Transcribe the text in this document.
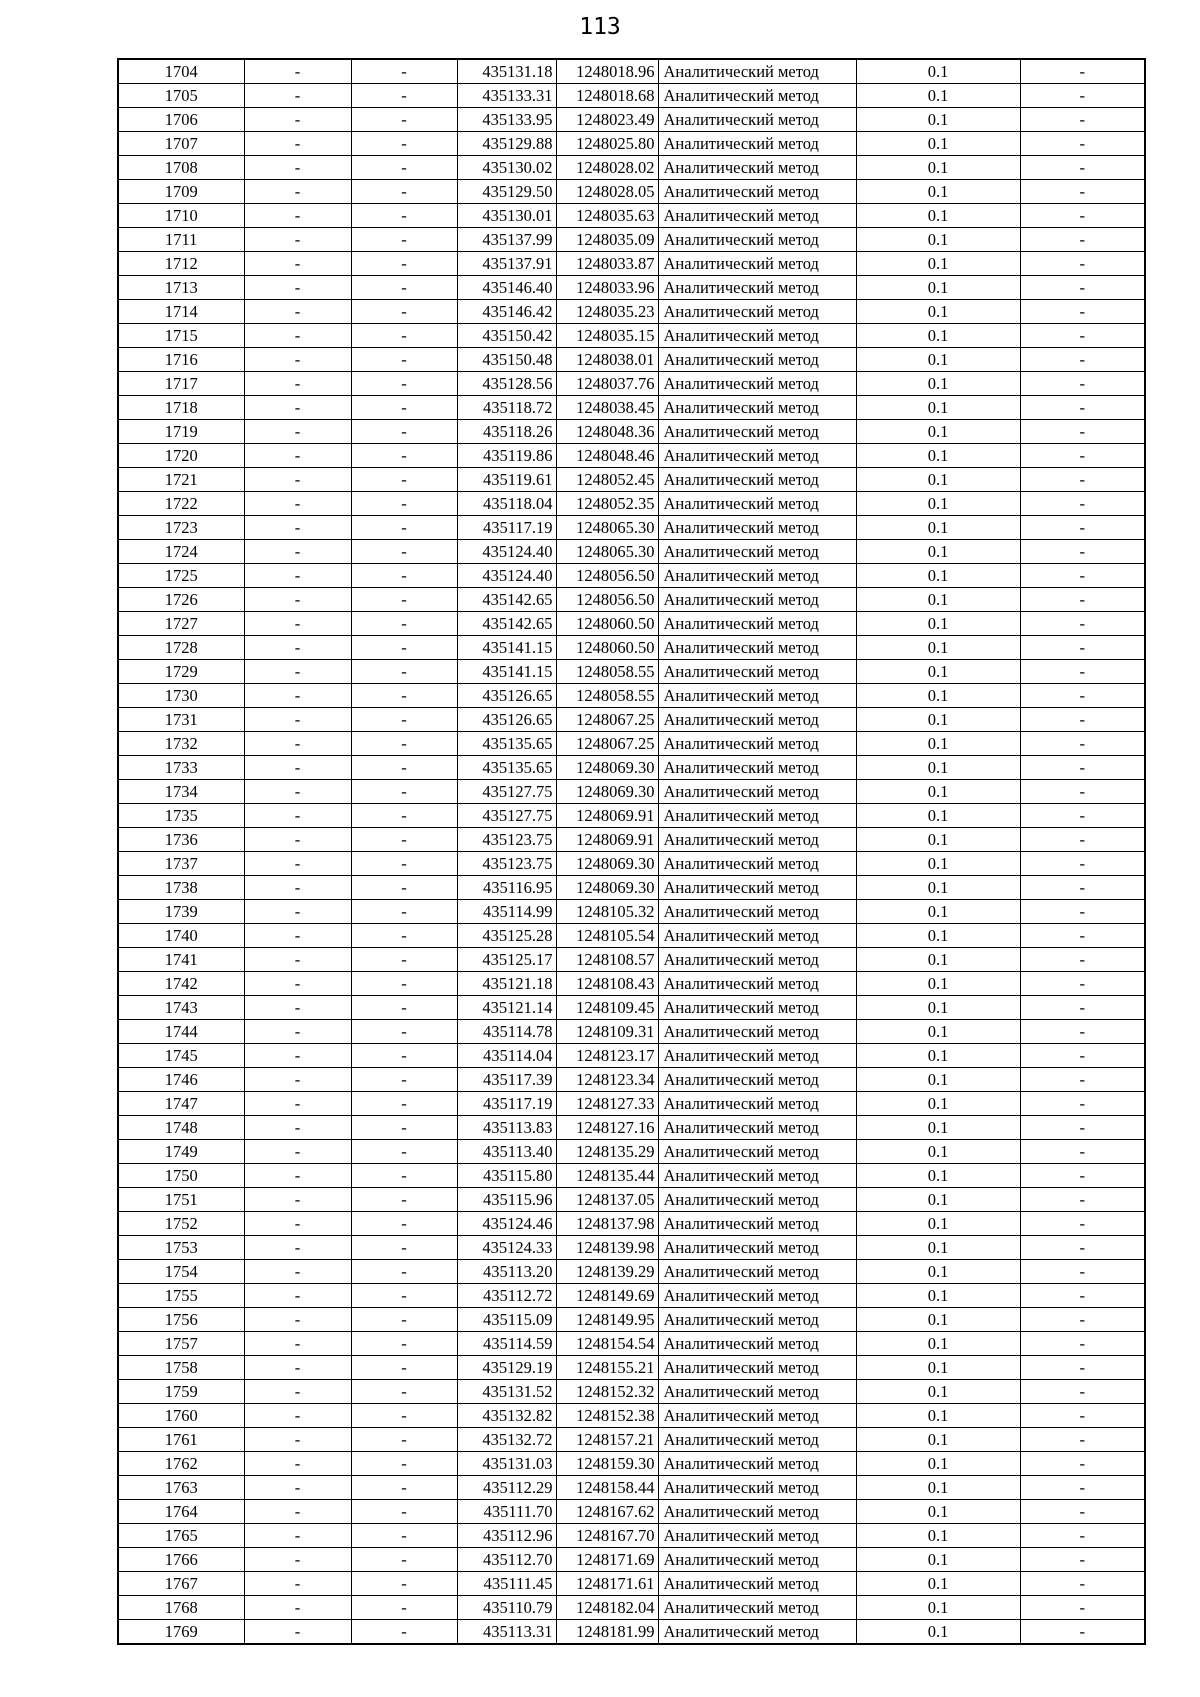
113
1704	-	-	435131.18	1248018.96	Аналитический метод	0.1	-
1705	-	-	435133.31	1248018.68	Аналитический метод	0.1	-
1706	-	-	435133.95	1248023.49	Аналитический метод	0.1	-
1707	-	-	435129.88	1248025.80	Аналитический метод	0.1	-
1708	-	-	435130.02	1248028.02	Аналитический метод	0.1	-
1709	-	-	435129.50	1248028.05	Аналитический метод	0.1	-
1710	-	-	435130.01	1248035.63	Аналитический метод	0.1	-
1711	-	-	435137.99	1248035.09	Аналитический метод	0.1	-
1712	-	-	435137.91	1248033.87	Аналитический метод	0.1	-
1713	-	-	435146.40	1248033.96	Аналитический метод	0.1	-
1714	-	-	435146.42	1248035.23	Аналитический метод	0.1	-
1715	-	-	435150.42	1248035.15	Аналитический метод	0.1	-
1716	-	-	435150.48	1248038.01	Аналитический метод	0.1	-
1717	-	-	435128.56	1248037.76	Аналитический метод	0.1	-
1718	-	-	435118.72	1248038.45	Аналитический метод	0.1	-
1719	-	-	435118.26	1248048.36	Аналитический метод	0.1	-
1720	-	-	435119.86	1248048.46	Аналитический метод	0.1	-
1721	-	-	435119.61	1248052.45	Аналитический метод	0.1	-
1722	-	-	435118.04	1248052.35	Аналитический метод	0.1	-
1723	-	-	435117.19	1248065.30	Аналитический метод	0.1	-
1724	-	-	435124.40	1248065.30	Аналитический метод	0.1	-
1725	-	-	435124.40	1248056.50	Аналитический метод	0.1	-
1726	-	-	435142.65	1248056.50	Аналитический метод	0.1	-
1727	-	-	435142.65	1248060.50	Аналитический метод	0.1	-
1728	-	-	435141.15	1248060.50	Аналитический метод	0.1	-
1729	-	-	435141.15	1248058.55	Аналитический метод	0.1	-
1730	-	-	435126.65	1248058.55	Аналитический метод	0.1	-
1731	-	-	435126.65	1248067.25	Аналитический метод	0.1	-
1732	-	-	435135.65	1248067.25	Аналитический метод	0.1	-
1733	-	-	435135.65	1248069.30	Аналитический метод	0.1	-
1734	-	-	435127.75	1248069.30	Аналитический метод	0.1	-
1735	-	-	435127.75	1248069.91	Аналитический метод	0.1	-
1736	-	-	435123.75	1248069.91	Аналитический метод	0.1	-
1737	-	-	435123.75	1248069.30	Аналитический метод	0.1	-
1738	-	-	435116.95	1248069.30	Аналитический метод	0.1	-
1739	-	-	435114.99	1248105.32	Аналитический метод	0.1	-
1740	-	-	435125.28	1248105.54	Аналитический метод	0.1	-
1741	-	-	435125.17	1248108.57	Аналитический метод	0.1	-
1742	-	-	435121.18	1248108.43	Аналитический метод	0.1	-
1743	-	-	435121.14	1248109.45	Аналитический метод	0.1	-
1744	-	-	435114.78	1248109.31	Аналитический метод	0.1	-
1745	-	-	435114.04	1248123.17	Аналитический метод	0.1	-
1746	-	-	435117.39	1248123.34	Аналитический метод	0.1	-
1747	-	-	435117.19	1248127.33	Аналитический метод	0.1	-
1748	-	-	435113.83	1248127.16	Аналитический метод	0.1	-
1749	-	-	435113.40	1248135.29	Аналитический метод	0.1	-
1750	-	-	435115.80	1248135.44	Аналитический метод	0.1	-
1751	-	-	435115.96	1248137.05	Аналитический метод	0.1	-
1752	-	-	435124.46	1248137.98	Аналитический метод	0.1	-
1753	-	-	435124.33	1248139.98	Аналитический метод	0.1	-
1754	-	-	435113.20	1248139.29	Аналитический метод	0.1	-
1755	-	-	435112.72	1248149.69	Аналитический метод	0.1	-
1756	-	-	435115.09	1248149.95	Аналитический метод	0.1	-
1757	-	-	435114.59	1248154.54	Аналитический метод	0.1	-
1758	-	-	435129.19	1248155.21	Аналитический метод	0.1	-
1759	-	-	435131.52	1248152.32	Аналитический метод	0.1	-
1760	-	-	435132.82	1248152.38	Аналитический метод	0.1	-
1761	-	-	435132.72	1248157.21	Аналитический метод	0.1	-
1762	-	-	435131.03	1248159.30	Аналитический метод	0.1	-
1763	-	-	435112.29	1248158.44	Аналитический метод	0.1	-
1764	-	-	435111.70	1248167.62	Аналитический метод	0.1	-
1765	-	-	435112.96	1248167.70	Аналитический метод	0.1	-
1766	-	-	435112.70	1248171.69	Аналитический метод	0.1	-
1767	-	-	435111.45	1248171.61	Аналитический метод	0.1	-
1768	-	-	435110.79	1248182.04	Аналитический метод	0.1	-
1769	-	-	435113.31	1248181.99	Аналитический метод	0.1	-
